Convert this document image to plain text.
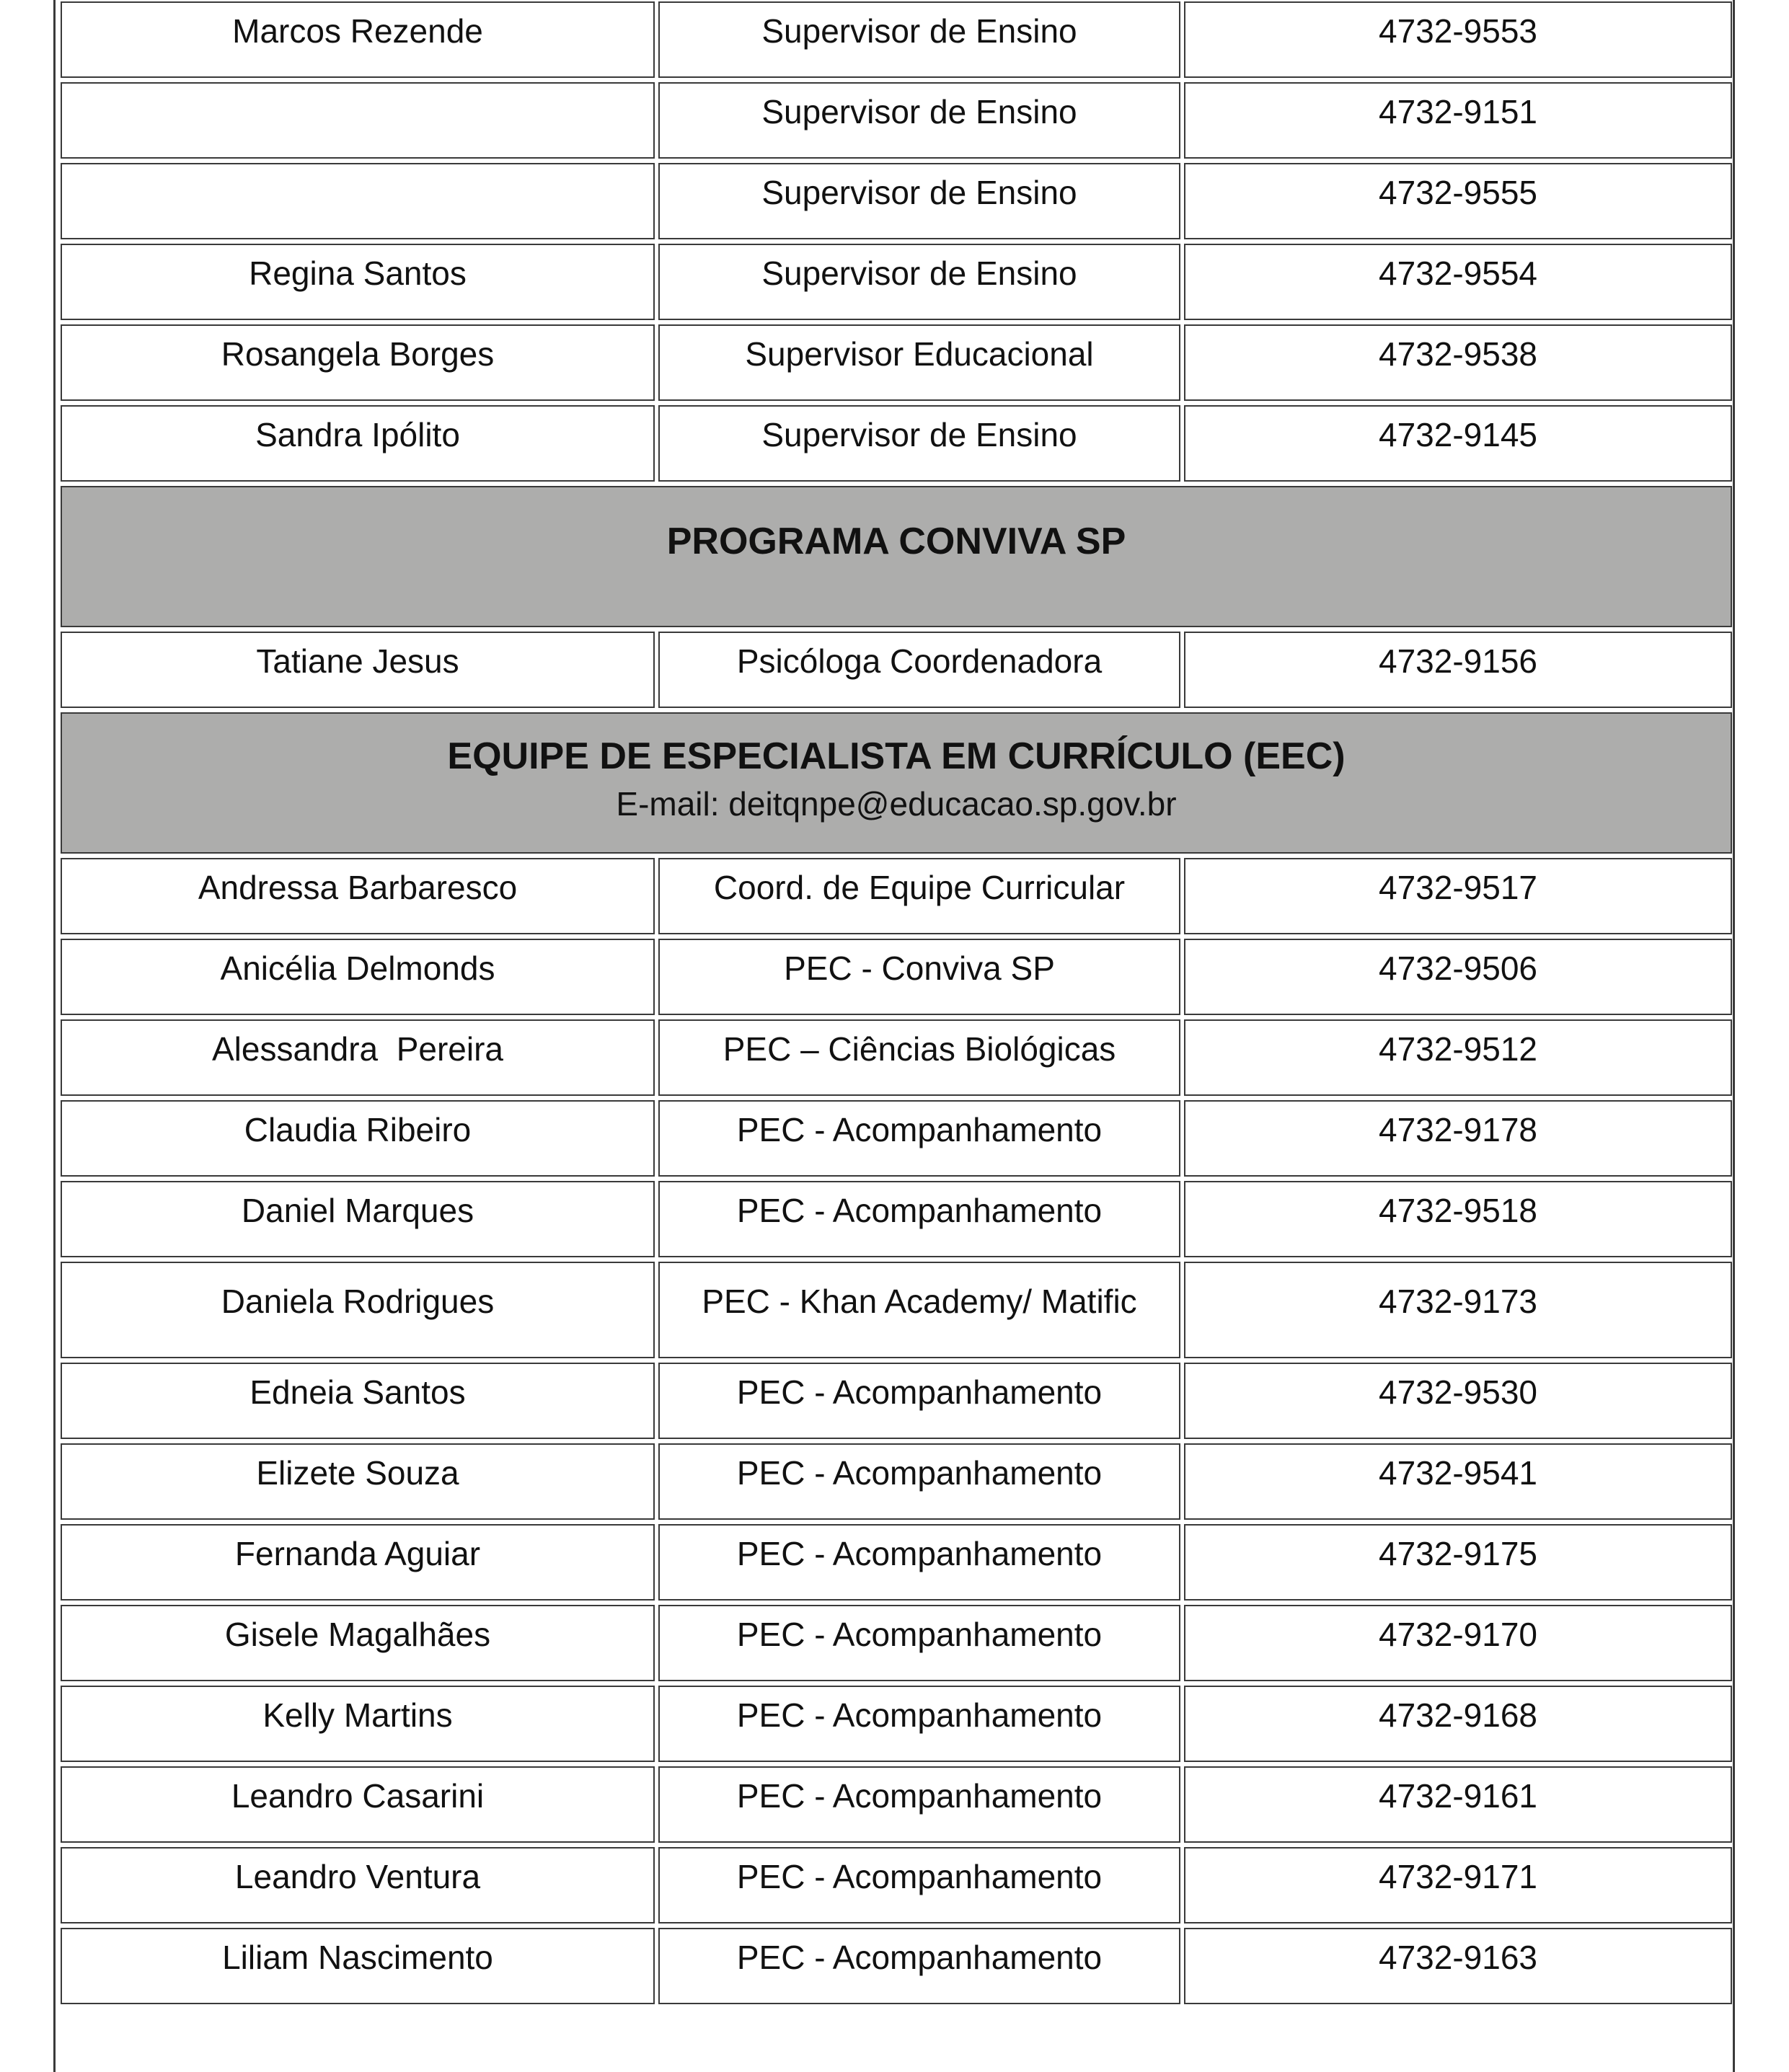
Marcos Rezende	Supervisor de Ensino	4732-9553
	Supervisor de Ensino	4732-9151
	Supervisor de Ensino	4732-9555
Regina Santos	Supervisor de Ensino	4732-9554
Rosangela Borges	Supervisor Educacional	4732-9538
Sandra Ipólito	Supervisor de Ensino	4732-9145

PROGRAMA CONVIVA SP		

Tatiane Jesus	Psicóloga Coordenadora	4732-9156

EQUIPE DE ESPECIALISTA EM CURRÍCULO (EEC)
E-mail: deitqnpe@educacao.sp.gov.br		

Andressa Barbaresco	Coord. de Equipe Curricular	4732-9517
Anicélia Delmonds	PEC - Conviva SP	4732-9506
Alessandra  Pereira	PEC – Ciências Biológicas	4732-9512
Claudia Ribeiro	PEC - Acompanhamento	4732-9178
Daniel Marques	PEC - Acompanhamento	4732-9518
Daniela Rodrigues	PEC - Khan Academy/ Matific	4732-9173
Edneia Santos	PEC - Acompanhamento	4732-9530
Elizete Souza	PEC - Acompanhamento	4732-9541
Fernanda Aguiar	PEC - Acompanhamento	4732-9175
Gisele Magalhães	PEC - Acompanhamento	4732-9170
Kelly Martins	PEC - Acompanhamento	4732-9168
Leandro Casarini	PEC - Acompanhamento	4732-9161
Leandro Ventura	PEC - Acompanhamento	4732-9171
Liliam Nascimento	PEC - Acompanhamento	4732-9163
